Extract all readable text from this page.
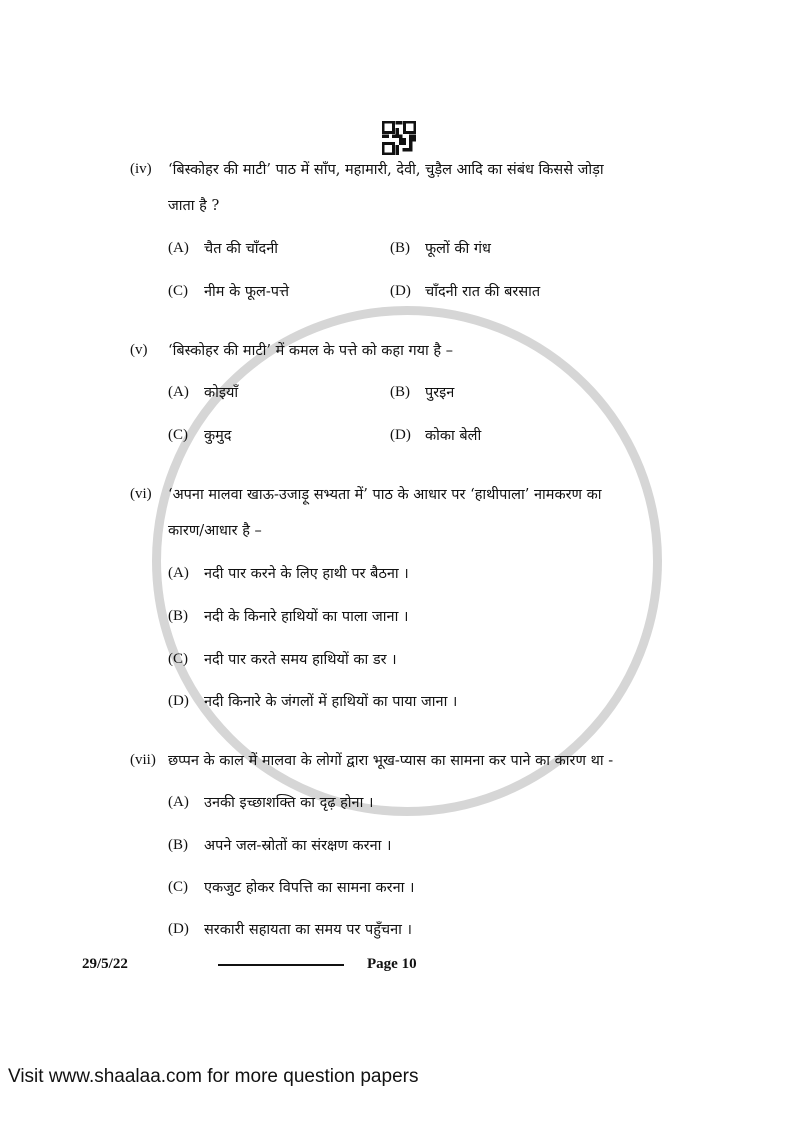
(iv) ‘बिस्कोहर की माटी’ पाठ में साँप, महामारी, देवी, चुड़ैल आदि का संबंध किससे जोड़ा
जाता है ?
(A) चैत की चाँदनी	(B) फूलों की गंध
(C) नीम के फूल-पत्ते	(D) चाँदनी रात की बरसात
(v) ‘बिस्कोहर की माटी’ में कमल के पत्ते को कहा गया है –
(A) कोइयाँ	(B) पुरइन
(C) कुमुद	(D) कोका बेली
(vi) ‘अपना मालवा खाऊ-उजाड़ू सभ्यता में’ पाठ के आधार पर ‘हाथीपाला’ नामकरण का
कारण/आधार है –
(A) नदी पार करने के लिए हाथी पर बैठना ।
(B) नदी के किनारे हाथियों का पाला जाना ।
(C) नदी पार करते समय हाथियों का डर ।
(D) नदी किनारे के जंगलों में हाथियों का पाया जाना ।
(vii) छप्पन के काल में मालवा के लोगों द्वारा भूख-प्यास का सामना कर पाने का कारण था -
(A) उनकी इच्छाशक्ति का दृढ़ होना ।
(B) अपने जल-स्रोतों का संरक्षण करना ।
(C) एकजुट होकर विपत्ति का सामना करना ।
(D) सरकारी सहायता का समय पर पहुँचना ।
29/5/22	Page 10
Visit www.shaalaa.com for more question papers
